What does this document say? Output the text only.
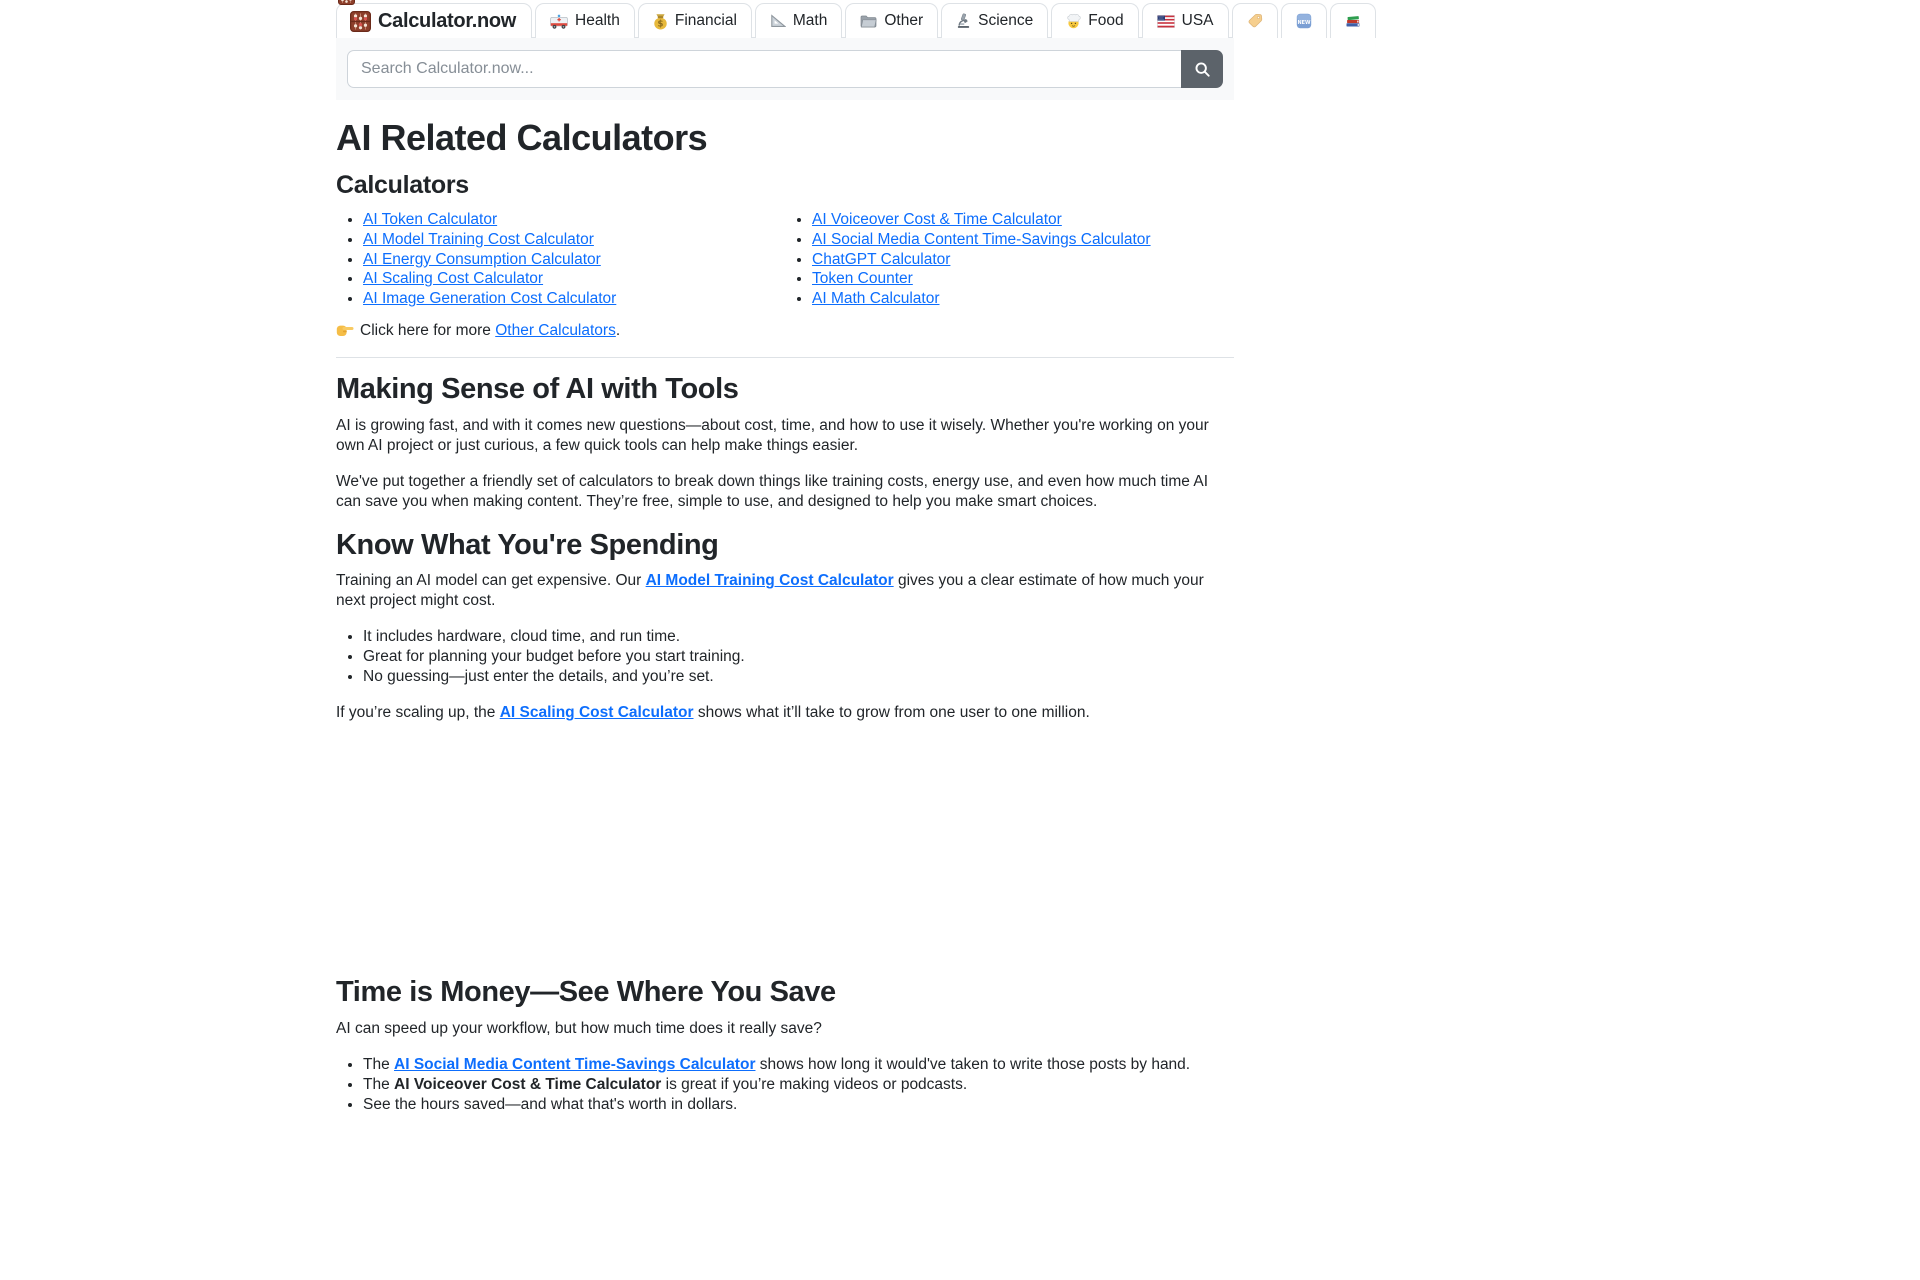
Calculator.now	Health	$ Financial	Math	Other	Science	Food	USA	NEW
Search Calculator.now...
AI Related Calculators
Calculators
• AI Token Calculator
• AI Model Training Cost Calculator
• AI Energy Consumption Calculator
• AI Scaling Cost Calculator
• AI Image Generation Cost Calculator
• AI Voiceover Cost & Time Calculator
• AI Social Media Content Time-Savings Calculator
• ChatGPT Calculator
• Token Counter
• AI Math Calculator
Click here for more Other Calculators.
Making Sense of AI with Tools

AI is growing fast, and with it comes new questions—about cost, time, and how to use it wisely. Whether you're working on your own AI project or just curious, a few quick tools can help make things easier.

We've put together a friendly set of calculators to break down things like training costs, energy use, and even how much time AI can save you when making content. They’re free, simple to use, and designed to help you make smart choices.

Know What You're Spending

Training an AI model can get expensive. Our AI Model Training Cost Calculator gives you a clear estimate of how much your next project might cost.

• It includes hardware, cloud time, and run time.
• Great for planning your budget before you start training.
• No guessing—just enter the details, and you’re set.

If you’re scaling up, the AI Scaling Cost Calculator shows what it’ll take to grow from one user to one million.

Time is Money—See Where You Save

AI can speed up your workflow, but how much time does it really save?

• The AI Social Media Content Time-Savings Calculator shows how long it would've taken to write those posts by hand.
• The AI Voiceover Cost & Time Calculator is great if you’re making videos or podcasts.
• See the hours saved—and what that's worth in dollars.
